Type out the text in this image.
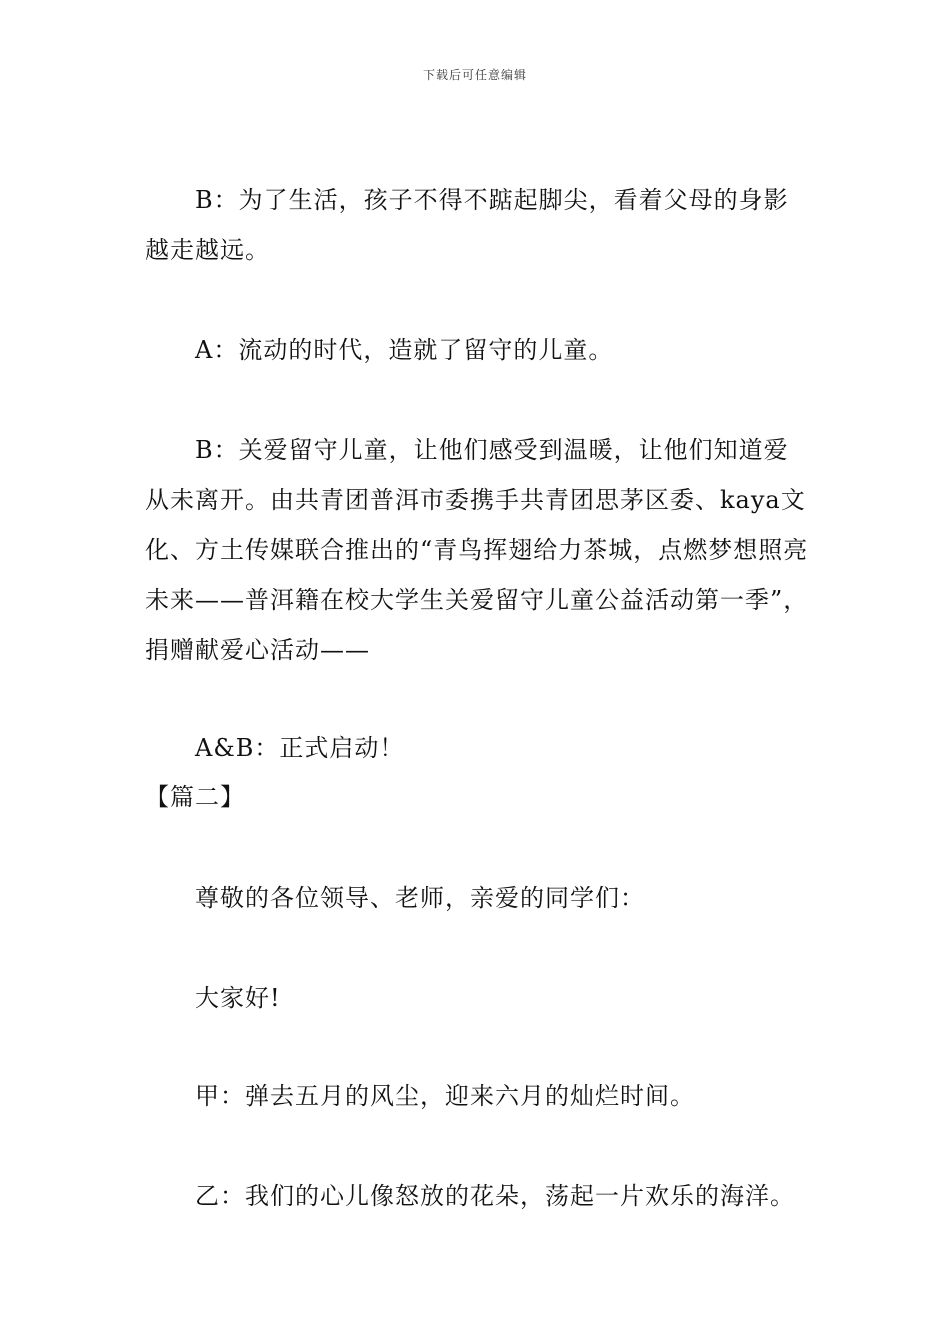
下载后可任意编辑

B：为了生活，孩子不得不踮起脚尖，看着父母的身影越走越远。

A：流动的时代，造就了留守的儿童。

B：关爱留守儿童，让他们感受到温暖，让他们知道爱从未离开。由共青团普洱市委携手共青团思茅区委、kaya文化、方土传媒联合推出的“青鸟挥翅给力茶城，点燃梦想照亮未来——普洱籍在校大学生关爱留守儿童公益活动第一季”，捐赠献爱心活动——

A&B：正式启动！

【篇二】

尊敬的各位领导、老师，亲爱的同学们：

大家好!

甲：弹去五月的风尘，迎来六月的灿烂时间。

乙：我们的心儿像怒放的花朵，荡起一片欢乐的海洋。
